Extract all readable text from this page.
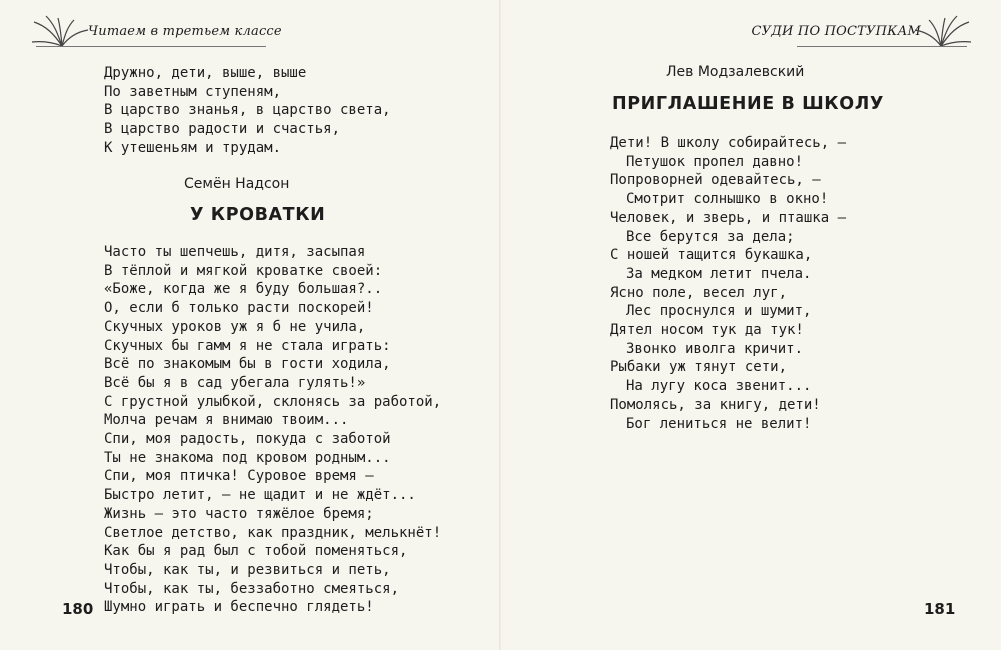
Читаем в третьем классе
Дружно, дети, выше, выше
По заветным ступеням,
В царство знанья, в царство света,
В царство радости и счастья,
К утешеньям и трудам.
Семён Надсон
У КРОВАТКИ
Часто ты шепчешь, дитя, засыпая
В тёплой и мягкой кроватке своей:
«Боже, когда же я буду большая?..
О, если б только расти поскорей!
Скучных уроков уж я б не учила,
Скучных бы гамм я не стала играть:
Всё по знакомым бы в гости ходила,
Всё бы я в сад убегала гулять!»
С грустной улыбкой, склонясь за работой,
Молча речам я внимаю твоим...
Спи, моя радость, покуда с заботой
Ты не знакома под кровом родным...
Спи, моя птичка! Суровое время —
Быстро летит, — не щадит и не ждёт...
Жизнь — это часто тяжёлое бремя;
Светлое детство, как праздник, мелькнёт!
Как бы я рад был с тобой поменяться,
Чтобы, как ты, и резвиться и петь,
Чтобы, как ты, беззаботно смеяться,
Шумно играть и беспечно глядеть!
180
СУДИ ПО ПОСТУПКАМ
Лев Модзалевский
ПРИГЛАШЕНИЕ В ШКОЛУ
Дети! В школу собирайтесь, —
Петушок пропел давно!
Попроворней одевайтесь, —
Смотрит солнышко в окно!
Человек, и зверь, и пташка —
Все берутся за дела;
С ношей тащится букашка,
За медком летит пчела.
Ясно поле, весел луг,
Лес проснулся и шумит,
Дятел носом тук да тук!
Звонко иволга кричит.
Рыбаки уж тянут сети,
На лугу коса звенит...
Помолясь, за книгу, дети!
Бог лениться не велит!
181
